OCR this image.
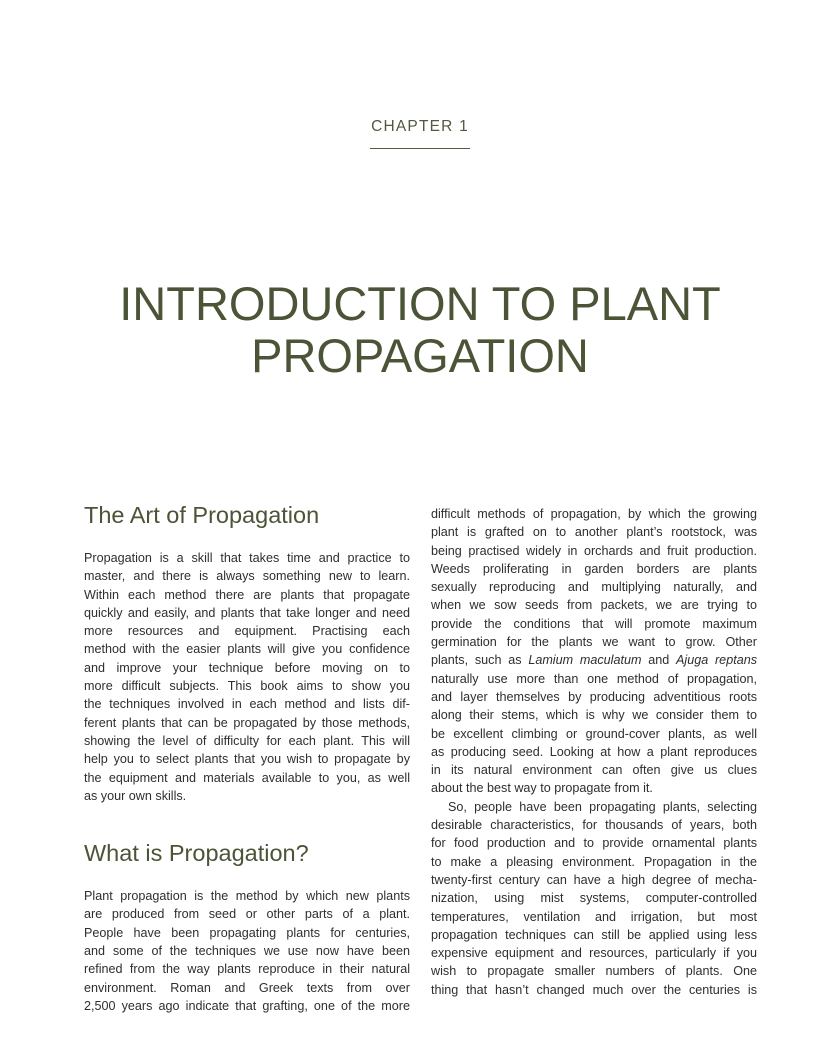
CHAPTER 1
INTRODUCTION TO PLANT
PROPAGATION
The Art of Propagation
Propagation is a skill that takes time and practice to
master, and there is always something new to learn.
Within each method there are plants that propagate
quickly and easily, and plants that take longer and need
more resources and equipment. Practising each
method with the easier plants will give you confidence
and improve your technique before moving on to
more difficult subjects. This book aims to show you
the techniques involved in each method and lists dif-
ferent plants that can be propagated by those methods,
showing the level of difficulty for each plant. This will
help you to select plants that you wish to propagate by
the equipment and materials available to you, as well
as your own skills.
What is Propagation?
Plant propagation is the method by which new plants
are produced from seed or other parts of a plant.
People have been propagating plants for centuries,
and some of the techniques we use now have been
refined from the way plants reproduce in their natural
environment. Roman and Greek texts from over
2,500 years ago indicate that grafting, one of the more
difficult methods of propagation, by which the growing
plant is grafted on to another plant’s rootstock, was
being practised widely in orchards and fruit production.
Weeds proliferating in garden borders are plants
sexually reproducing and multiplying naturally, and
when we sow seeds from packets, we are trying to
provide the conditions that will promote maximum
germination for the plants we want to grow. Other
plants, such as Lamium maculatum and Ajuga reptans
naturally use more than one method of propagation,
and layer themselves by producing adventitious roots
along their stems, which is why we consider them to
be excellent climbing or ground-cover plants, as well
as producing seed. Looking at how a plant reproduces
in its natural environment can often give us clues
about the best way to propagate from it.
So, people have been propagating plants, selecting
desirable characteristics, for thousands of years, both
for food production and to provide ornamental plants
to make a pleasing environment. Propagation in the
twenty-first century can have a high degree of mecha-
nization, using mist systems, computer-controlled
temperatures, ventilation and irrigation, but most
propagation techniques can still be applied using less
expensive equipment and resources, particularly if you
wish to propagate smaller numbers of plants. One
thing that hasn’t changed much over the centuries is
